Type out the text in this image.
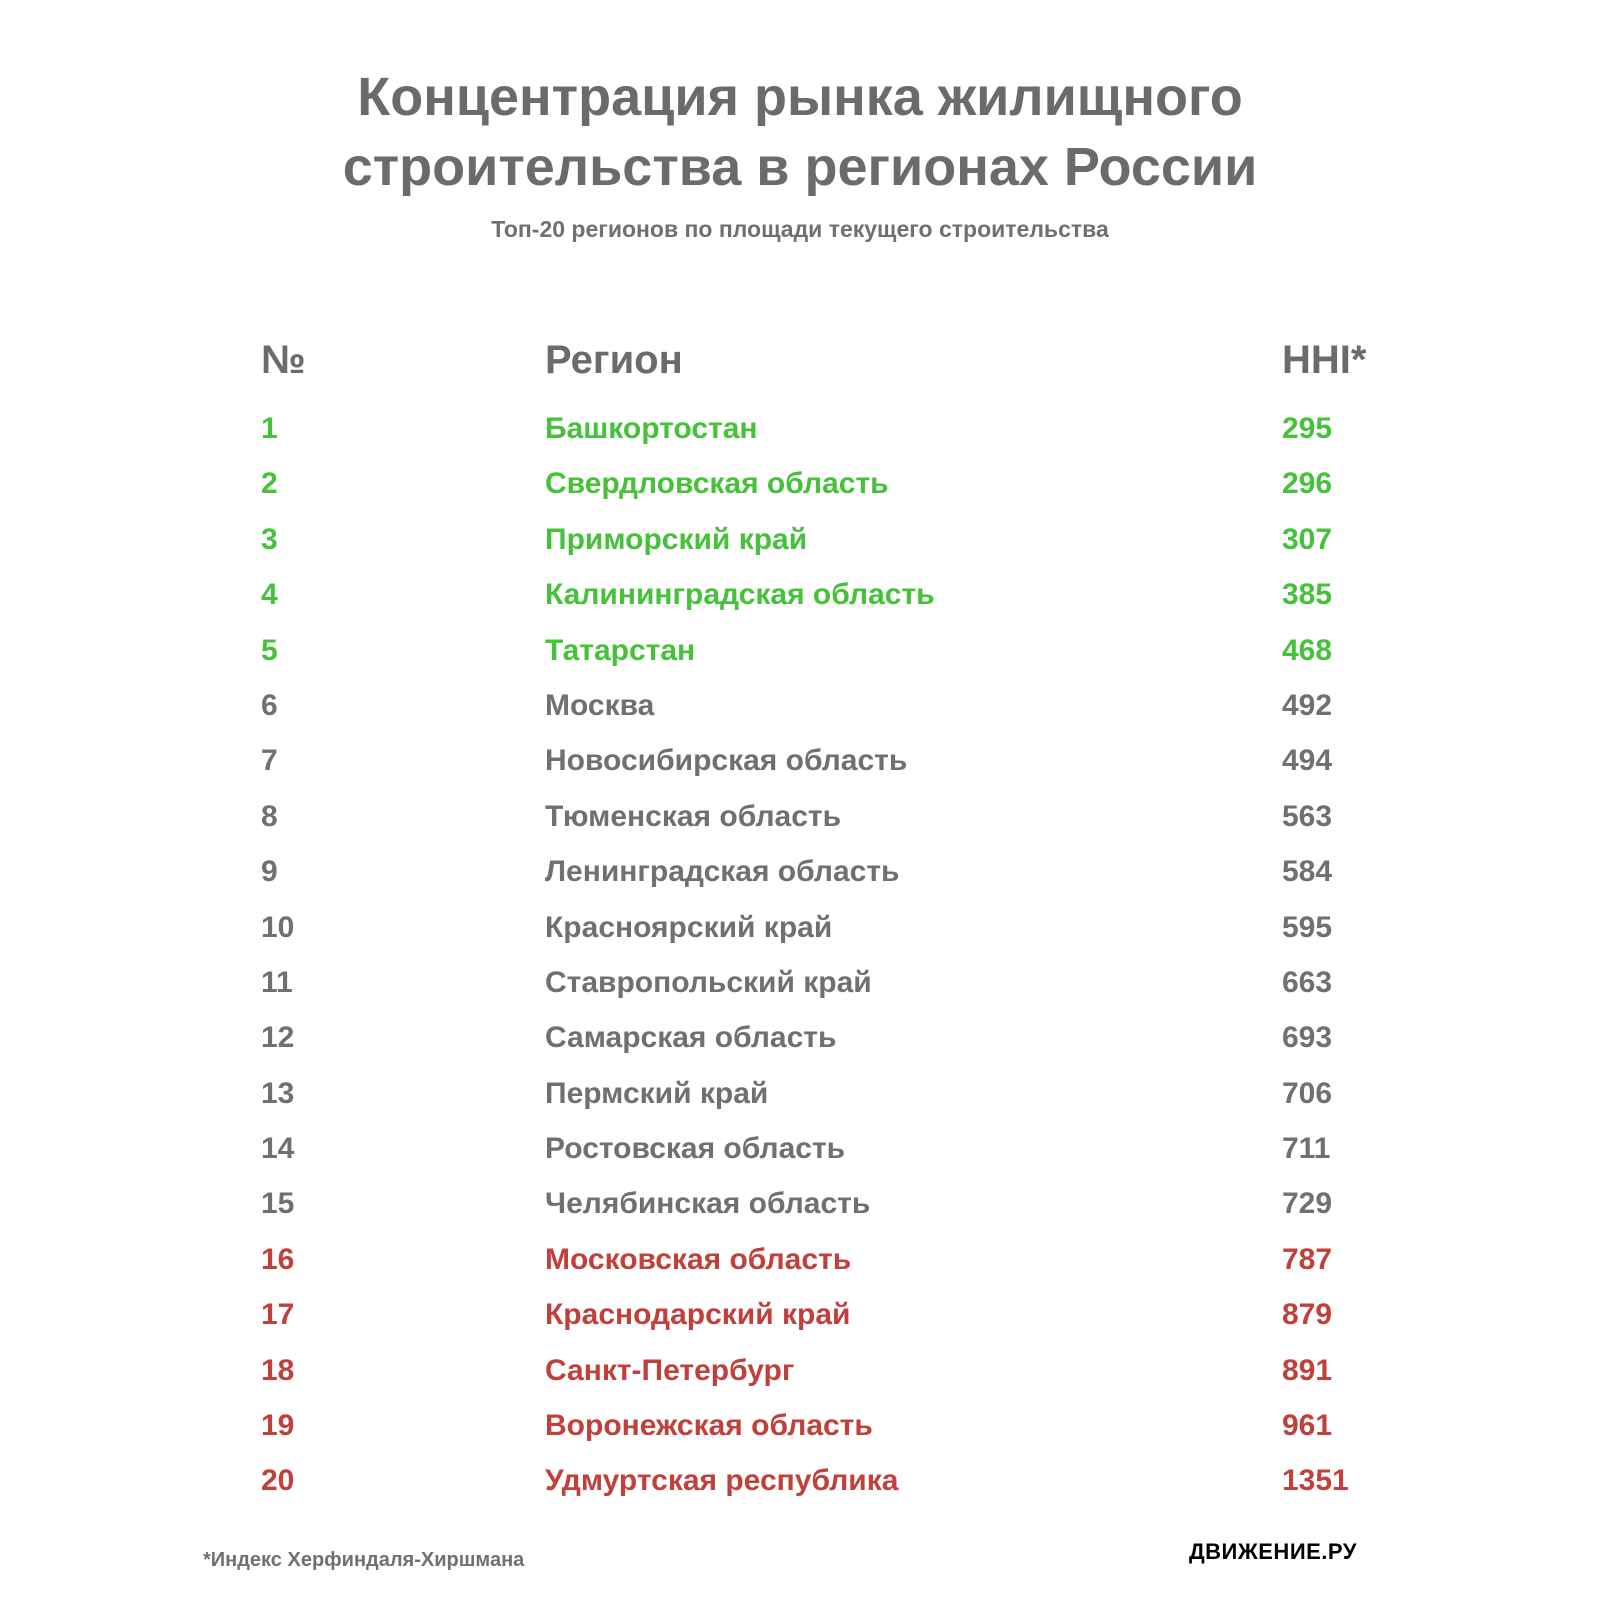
Концентрация рынка жилищного
строительства в регионах России
Топ-20 регионов по площади текущего строительства
№	Регион	HHI*
1	Башкортостан	295
2	Свердловская область	296
3	Приморский край	307
4	Калининградская область	385
5	Татарстан	468
6	Москва	492
7	Новосибирская область	494
8	Тюменская область	563
9	Ленинградская область	584
10	Красноярский край	595
11	Ставропольский край	663
12	Самарская область	693
13	Пермский край	706
14	Ростовская область	711
15	Челябинская область	729
16	Московская область	787
17	Краснодарский край	879
18	Санкт-Петербург	891
19	Воронежская область	961
20	Удмуртская республика	1351
*Индекс Херфиндаля-Хиршмана	ДВИЖЕНИЕ.РУ
